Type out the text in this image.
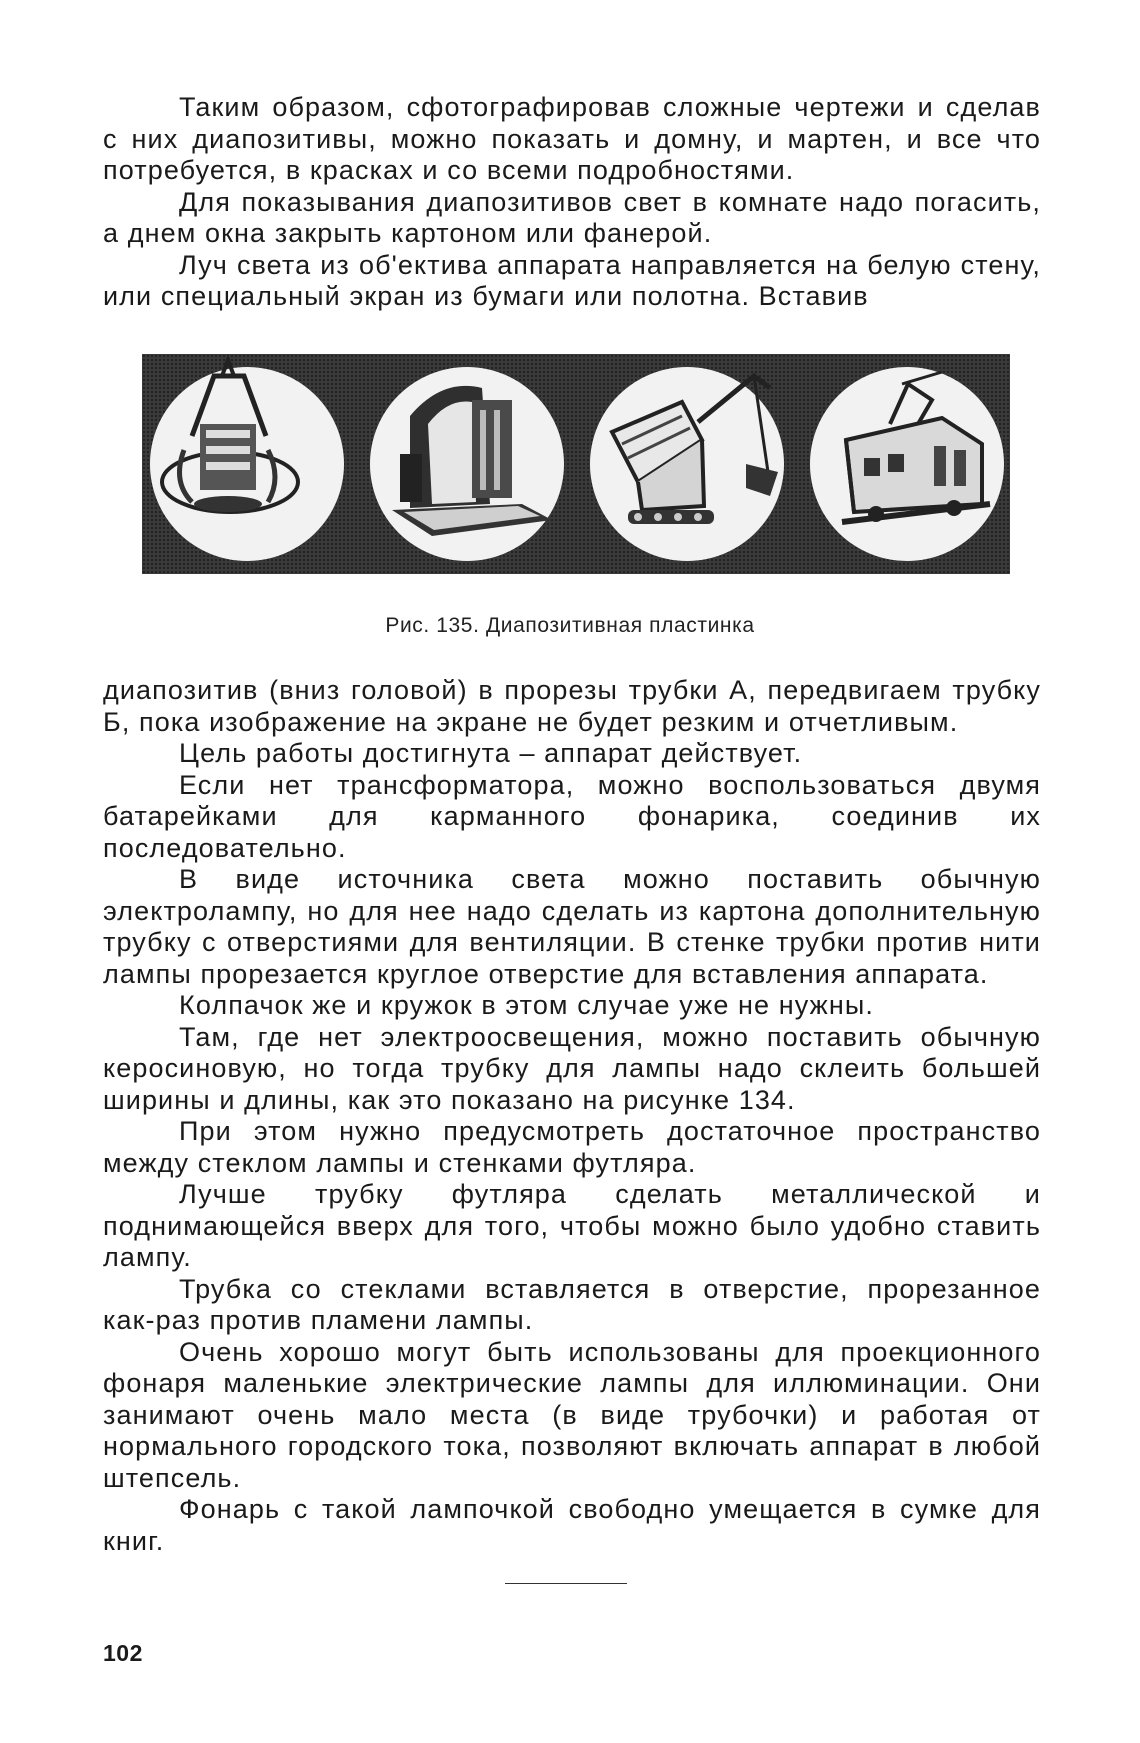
Таким образом, сфотографировав сложные чертежи и сделав с них диапозитивы, можно показать и домну, и мартен, и все что потребуется, в красках и со всеми подробностями.

Для показывания диапозитивов свет в комнате надо погасить, а днем окна закрыть картоном или фанерой.

Луч света из об'ектива аппарата направляется на белую стену, или специальный экран из бумаги или полотна. Вставив

Рис. 135. Диапозитивная пластинка

диапозитив (вниз головой) в прорезы трубки А, передвигаем трубку Б, пока изображение на экране не будет резким и отчетливым.

Цель работы достигнута – аппарат действует.

Если нет трансформатора, можно воспользоваться двумя батарейками для карманного фонарика, соединив их последовательно.

В виде источника света можно поставить обычную электролампу, но для нее надо сделать из картона дополнительную трубку с отверстиями для вентиляции. В стенке трубки против нити лампы прорезается круглое отверстие для вставления аппарата.

Колпачок же и кружок в этом случае уже не нужны.

Там, где нет электроосвещения, можно поставить обычную керосиновую, но тогда трубку для лампы надо склеить большей ширины и длины, как это показано на рисунке 134.

При этом нужно предусмотреть достаточное пространство между стеклом лампы и стенками футляра.

Лучше трубку футляра сделать металлической и поднимающейся вверх для того, чтобы можно было удобно ставить лампу.

Трубка со стеклами вставляется в отверстие, прорезанное как-раз против пламени лампы.

Очень хорошо могут быть использованы для проекционного фонаря маленькие электрические лампы для иллюминации. Они занимают очень мало места (в виде трубочки) и работая от нормального городского тока, позволяют включать аппарат в любой штепсель.

Фонарь с такой лампочкой свободно умещается в сумке для книг.

102
